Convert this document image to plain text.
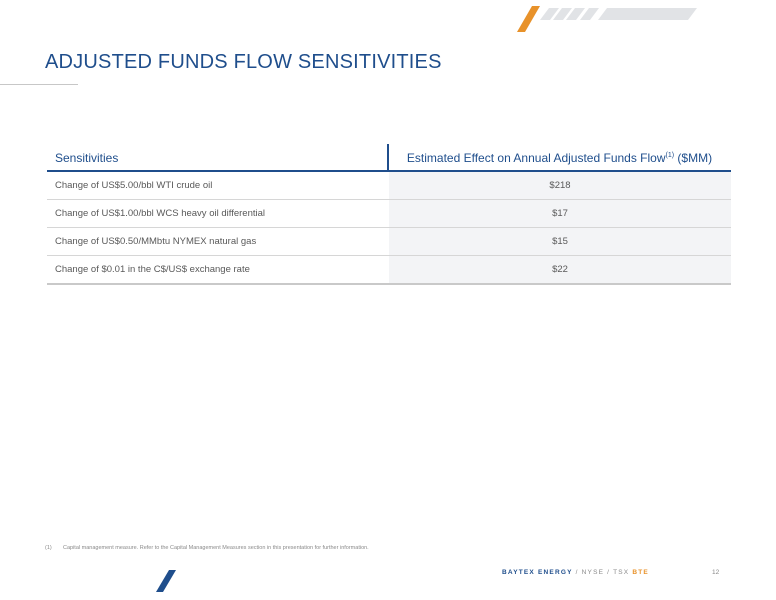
ADJUSTED FUNDS FLOW SENSITIVITIES
Sensitivities	Estimated Effect on Annual Adjusted Funds Flow$^{(1)}$ ($MM)
Change of US$5.00/bbl WTI crude oil	$218
Change of US$1.00/bbl WCS heavy oil differential	$17
Change of US$0.50/MMbtu NYMEX natural gas	$15
Change of $0.01 in the C$/US$ exchange rate	$22
(1) Capital management measure. Refer to the Capital Management Measures section in this presentation for further information.
BAYTEX ENERGY / NYSE / TSX BTE	12
